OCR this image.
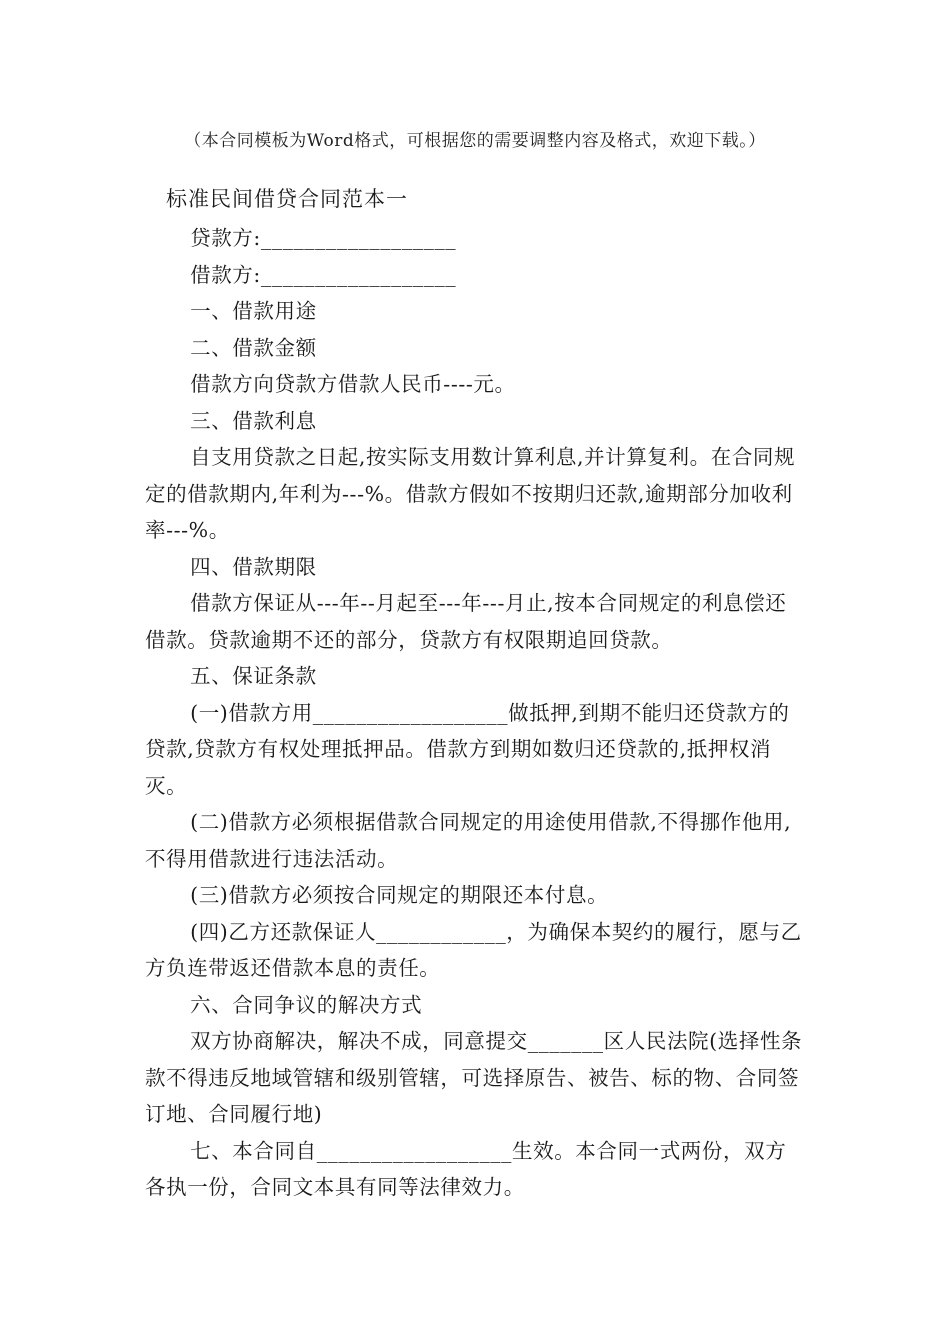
（本合同模板为Word格式，可根据您的需要调整内容及格式，欢迎下载。）
标准民间借贷合同范本一

贷款方:__________________

借款方:__________________

一、借款用途

二、借款金额

借款方向贷款方借款人民币----元。

三、借款利息

自支用贷款之日起,按实际支用数计算利息,并计算复利。在合同规定的借款期内,年利为---%。借款方假如不按期归还款,逾期部分加收利率---%。

四、借款期限

借款方保证从---年--月起至---年---月止,按本合同规定的利息偿还借款。贷款逾期不还的部分，贷款方有权限期追回贷款。

五、保证条款

(一)借款方用__________________做抵押,到期不能归还贷款方的贷款,贷款方有权处理抵押品。借款方到期如数归还贷款的,抵押权消灭。

(二)借款方必须根据借款合同规定的用途使用借款,不得挪作他用,不得用借款进行违法活动。

(三)借款方必须按合同规定的期限还本付息。

(四)乙方还款保证人____________，为确保本契约的履行，愿与乙方负连带返还借款本息的责任。

六、合同争议的解决方式

双方协商解决，解决不成，同意提交_______区人民法院(选择性条款不得违反地域管辖和级别管辖，可选择原告、被告、标的物、合同签订地、合同履行地)

七、本合同自__________________生效。本合同一式两份，双方各执一份，合同文本具有同等法律效力。
